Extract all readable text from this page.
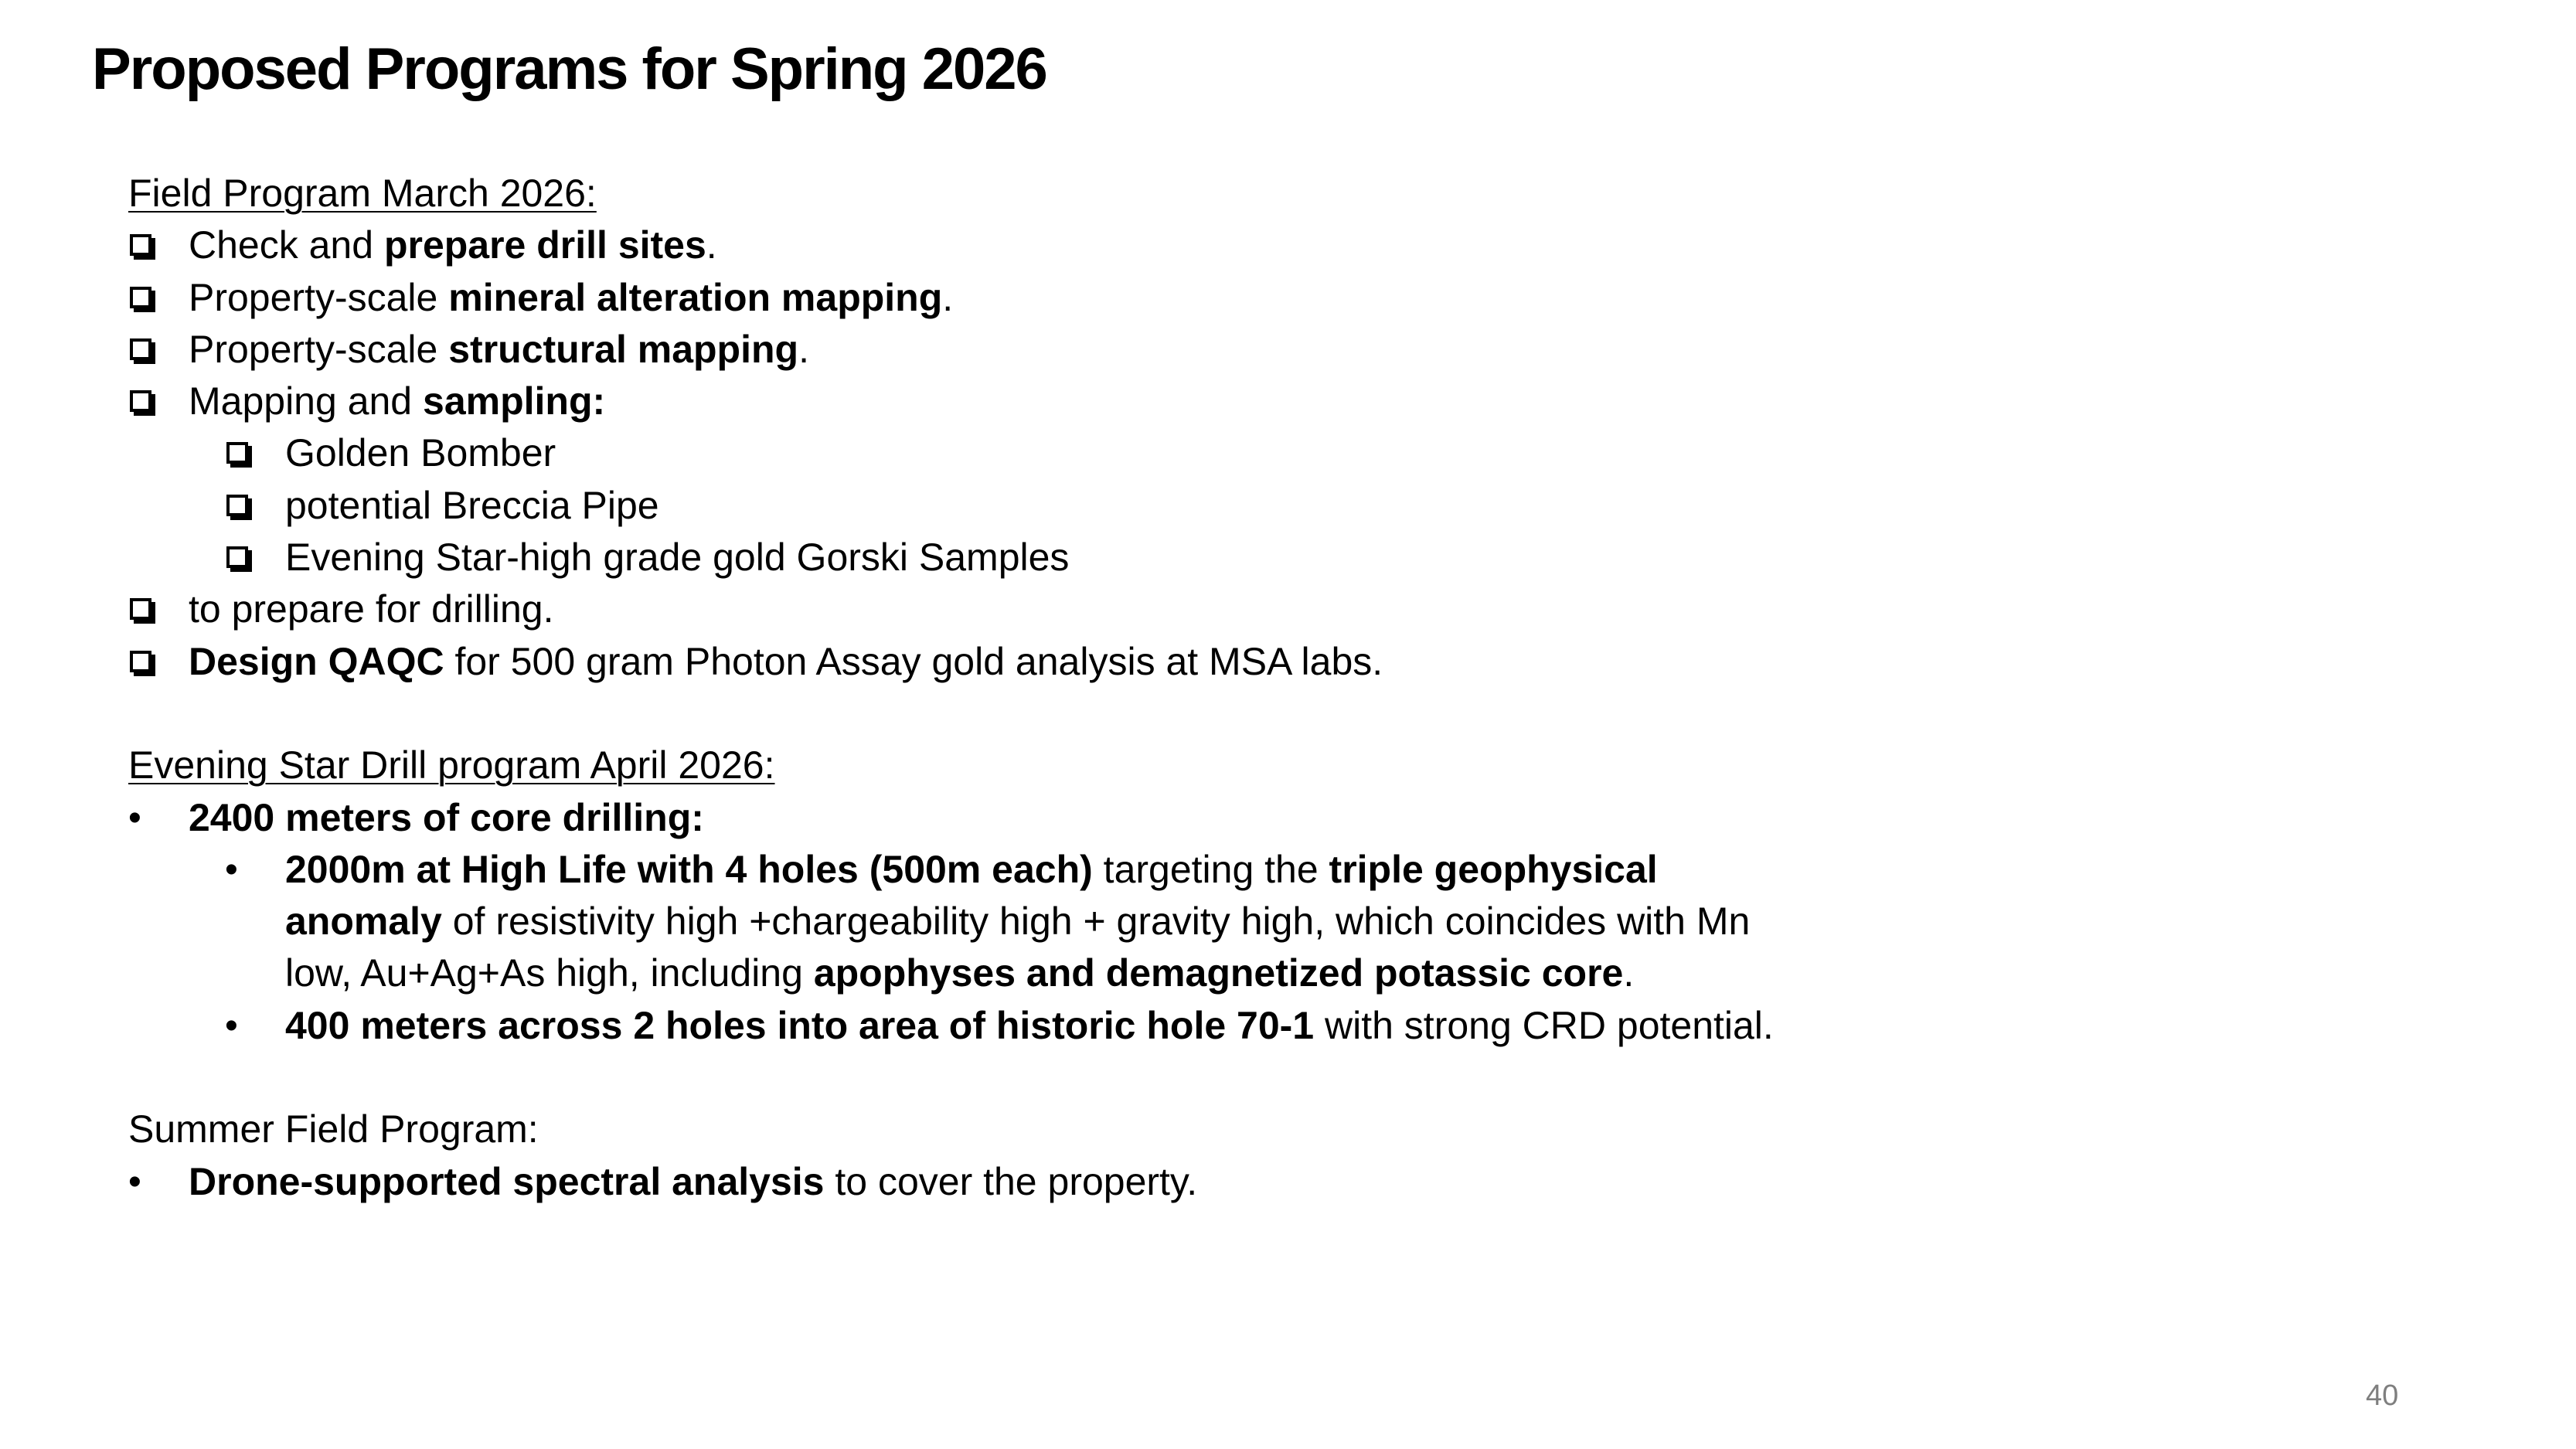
Proposed Programs for Spring 2026
Field Program March 2026:
Check and prepare drill sites.
Property-scale mineral alteration mapping.
Property-scale structural mapping.
Mapping and sampling:
Golden Bomber
potential Breccia Pipe
Evening Star-high grade gold Gorski Samples
to prepare for drilling.
Design QAQC for 500 gram Photon Assay gold analysis at MSA labs.
Evening Star Drill program April 2026:
• 2400 meters of core drilling:
• 2000m at High Life with 4 holes (500m each) targeting the triple geophysical anomaly of resistivity high +chargeability high + gravity high, which coincides with Mn low, Au+Ag+As high, including apophyses and demagnetized potassic core.
• 400 meters across 2 holes into area of historic hole 70-1 with strong CRD potential.
Summer Field Program:
• Drone-supported spectral analysis to cover the property.
40
